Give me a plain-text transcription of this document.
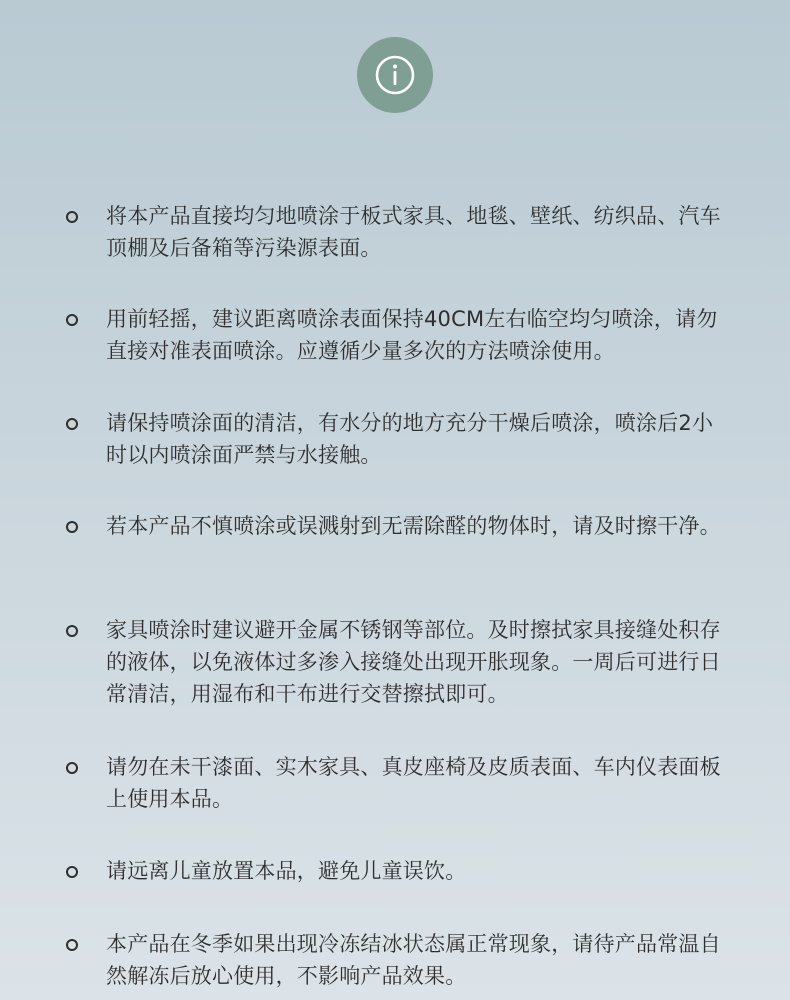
将本产品直接均匀地喷涂于板式家具、地毯、壁纸、纺织品、汽车顶棚及后备箱等污染源表面。
用前轻摇，建议距离喷涂表面保持40CM左右临空均匀喷涂，请勿直接对准表面喷涂。应遵循少量多次的方法喷涂使用。
请保持喷涂面的清洁，有水分的地方充分干燥后喷涂，喷涂后2小时以内喷涂面严禁与水接触。
若本产品不慎喷涂或误溅射到无需除醛的物体时，请及时擦干净。
家具喷涂时建议避开金属不锈钢等部位。及时擦拭家具接缝处积存的液体，以免液体过多渗入接缝处出现开胀现象。一周后可进行日常清洁，用湿布和干布进行交替擦拭即可。
请勿在未干漆面、实木家具、真皮座椅及皮质表面、车内仪表面板上使用本品。
请远离儿童放置本品，避免儿童误饮。
本产品在冬季如果出现冷冻结冰状态属正常现象，请待产品常温自然解冻后放心使用，不影响产品效果。
